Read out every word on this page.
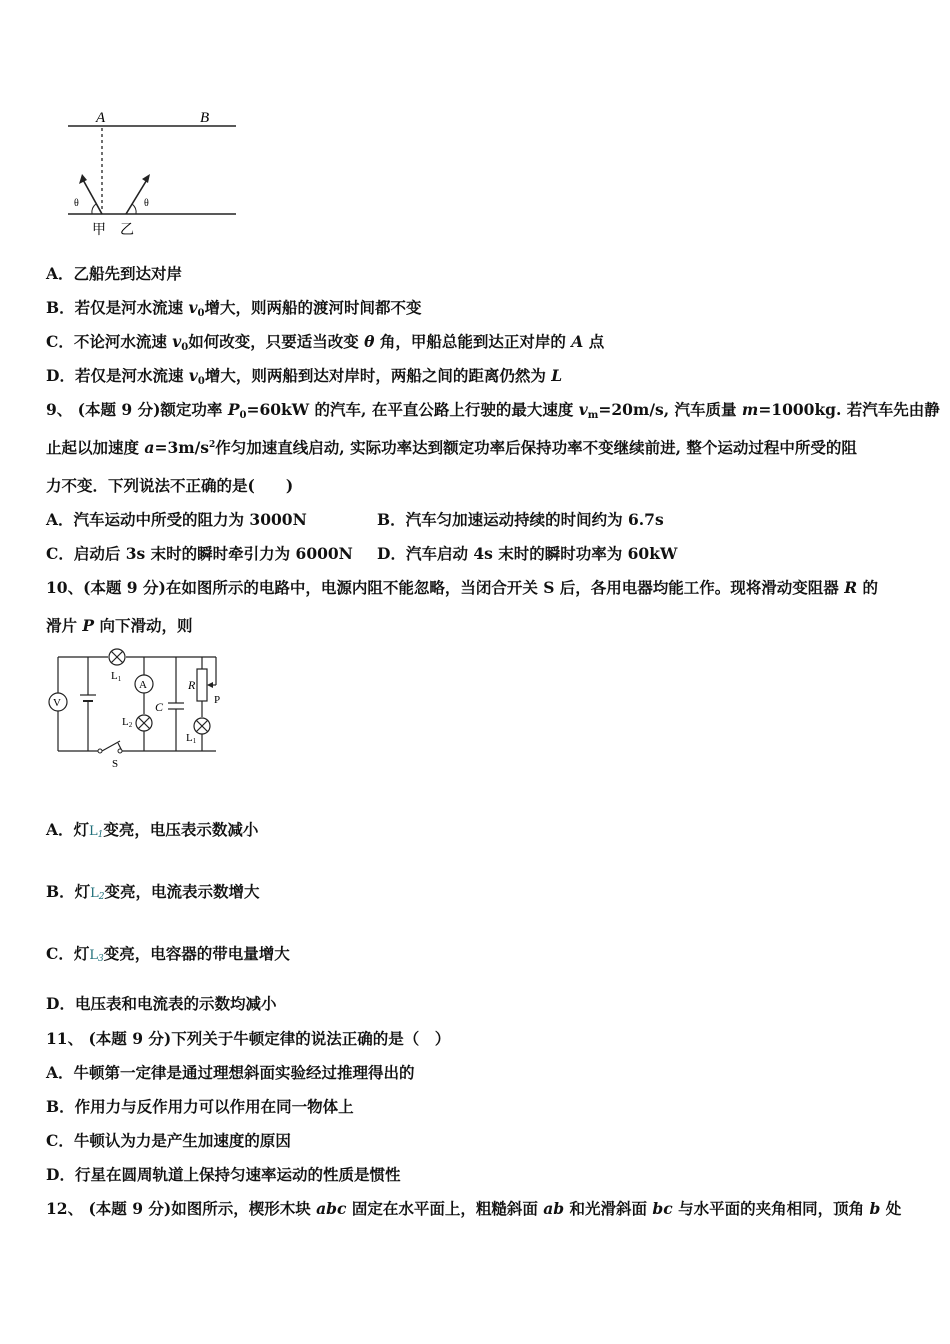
A	B
θ	θ
甲 乙
A．乙船先到达对岸
B．若仅是河水流速 $v_0$增大，则两船的渡河时间都不变
C．不论河水流速 $v_0$如何改变，只要适当改变 θ 角，甲船总能到达正对岸的 A 点
D．若仅是河水流速 $v_0$增大，则两船到达对岸时，两船之间的距离仍然为 L
9、 (本题 9 分)额定功率 $P_0=60kW$ 的汽车, 在平直公路上行驶的最大速度 $v_m=20m/s$, 汽车质量 m=1000kg. 若汽车先由静
止起以加速度 $a=3m/s^2$作匀加速直线启动, 实际功率达到额定功率后保持功率不变继续前进, 整个运动过程中所受的阻
力不变．下列说法不正确的是(　　)
A．汽车运动中所受的阻力为 3000N	B．汽车匀加速运动持续的时间约为 6.7s
C．启动后 3s 末时的瞬时牵引力为 6000N D．汽车启动 4s 末时的瞬时功率为 60kW
10、(本题 9 分)在如图所示的电路中，电源内阻不能忽略，当闭合开关 S 后，各用电器均能工作。现将滑动变阻器 R 的
滑片 P 向下滑动，则
V
A
L1
L2
L1
C
R
P
S
A．灯L1变亮，电压表示数减小
B．灯L2变亮，电流表示数增大
C．灯L3变亮，电容器的带电量增大
D．电压表和电流表的示数均减小
11、 (本题 9 分)下列关于牛顿定律的说法正确的是（　）
A．牛顿第一定律是通过理想斜面实验经过推理得出的
B．作用力与反作用力可以作用在同一物体上
C．牛顿认为力是产生加速度的原因
D．行星在圆周轨道上保持匀速率运动的性质是惯性
12、 (本题 9 分)如图所示，楔形木块 abc 固定在水平面上，粗糙斜面 ab 和光滑斜面 bc 与水平面的夹角相同，顶角 b 处
